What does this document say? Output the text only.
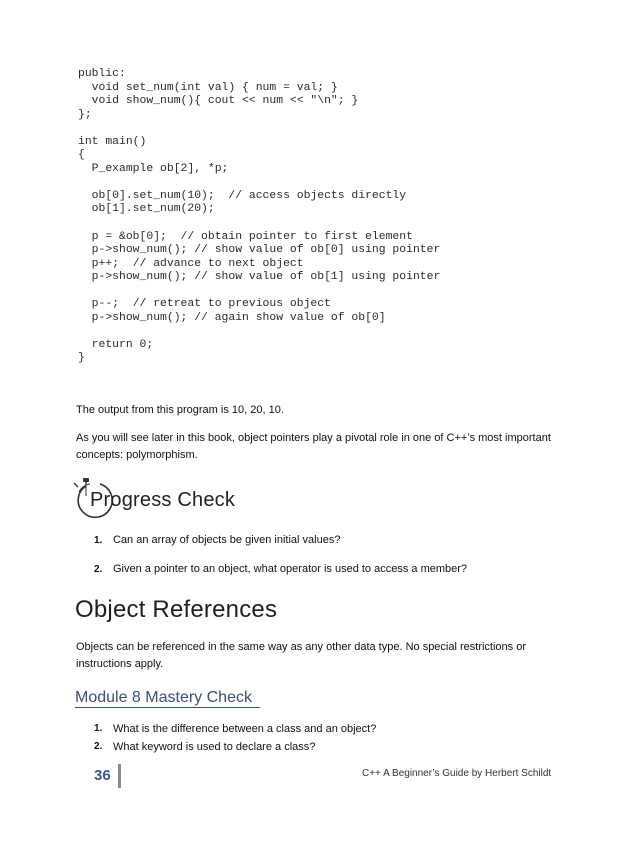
public:
void set_num(int val) { num = val; }
void show_num(){ cout << num << "\n"; }
};

int main()
{
P_example ob[2], *p;

ob[0].set_num(10);  // access objects directly
ob[1].set_num(20);

p = &ob[0];  // obtain pointer to first element
p->show_num(); // show value of ob[0] using pointer
p++;  // advance to next object
p->show_num(); // show value of ob[1] using pointer

p--;  // retreat to previous object
p->show_num(); // again show value of ob[0]

return 0;
}

The output from this program is 10, 20, 10.

As you will see later in this book, object pointers play a pivotal role in one of C++’s most important concepts: polymorphism.

Progress Check
1. Can an array of objects be given initial values?
2. Given a pointer to an object, what operator is used to access a member?
Object References

Objects can be referenced in the same way as any other data type. No special restrictions or instructions apply.

Module 8 Mastery Check
1. What is the difference between a class and an object?
2. What keyword is used to declare a class?
36	C++ A Beginner’s Guide by Herbert Schildt
